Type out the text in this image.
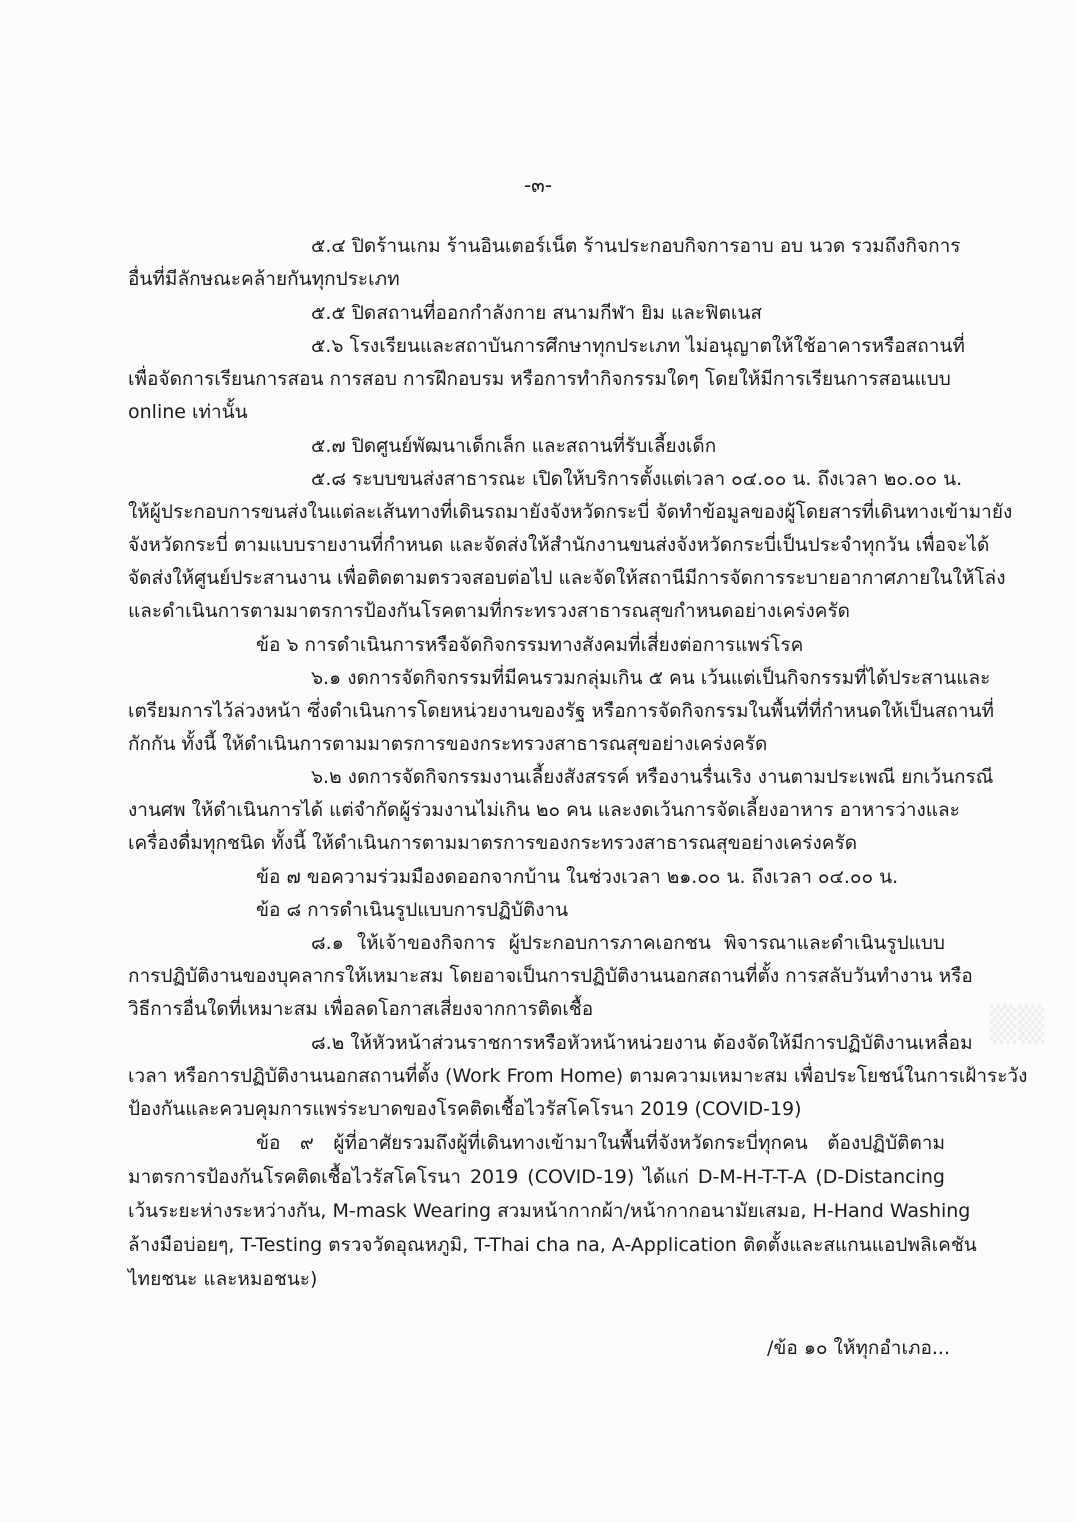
-๓-

๕.๔ ปิดร้านเกม ร้านอินเตอร์เน็ต ร้านประกอบกิจการอาบ อบ นวด รวมถึงกิจการ

อื่นที่มีลักษณะคล้ายกันทุกประเภท

๕.๕ ปิดสถานที่ออกกำลังกาย สนามกีฬา ยิม และฟิตเนส

๕.๖ โรงเรียนและสถาบันการศึกษาทุกประเภท ไม่อนุญาตให้ใช้อาคารหรือสถานที่

เพื่อจัดการเรียนการสอน การสอบ การฝึกอบรม หรือการทำกิจกรรมใดๆ โดยให้มีการเรียนการสอนแบบ

online เท่านั้น

๕.๗ ปิดศูนย์พัฒนาเด็กเล็ก และสถานที่รับเลี้ยงเด็ก

๕.๘ ระบบขนส่งสาธารณะ เปิดให้บริการตั้งแต่เวลา ๐๔.๐๐ น. ถึงเวลา ๒๐.๐๐ น.

ให้ผู้ประกอบการขนส่งในแต่ละเส้นทางที่เดินรถมายังจังหวัดกระบี่ จัดทำข้อมูลของผู้โดยสารที่เดินทางเข้ามายัง

จังหวัดกระบี่ ตามแบบรายงานที่กำหนด และจัดส่งให้สำนักงานขนส่งจังหวัดกระบี่เป็นประจำทุกวัน เพื่อจะได้

จัดส่งให้ศูนย์ประสานงาน เพื่อติดตามตรวจสอบต่อไป และจัดให้สถานีมีการจัดการระบายอากาศภายในให้โล่ง

และดำเนินการตามมาตรการป้องกันโรคตามที่กระทรวงสาธารณสุขกำหนดอย่างเคร่งครัด

ข้อ ๖ การดำเนินการหรือจัดกิจกรรมทางสังคมที่เสี่ยงต่อการแพร่โรค

๖.๑ งดการจัดกิจกรรมที่มีคนรวมกลุ่มเกิน ๕ คน เว้นแต่เป็นกิจกรรมที่ได้ประสานและ

เตรียมการไว้ล่วงหน้า ซึ่งดำเนินการโดยหน่วยงานของรัฐ หรือการจัดกิจกรรมในพื้นที่ที่กำหนดให้เป็นสถานที่

กักกัน ทั้งนี้ ให้ดำเนินการตามมาตรการของกระทรวงสาธารณสุขอย่างเคร่งครัด

๖.๒ งดการจัดกิจกรรมงานเลี้ยงสังสรรค์ หรืองานรื่นเริง งานตามประเพณี ยกเว้นกรณี

งานศพ ให้ดำเนินการได้ แต่จำกัดผู้ร่วมงานไม่เกิน ๒๐ คน และงดเว้นการจัดเลี้ยงอาหาร อาหารว่างและ

เครื่องดื่มทุกชนิด ทั้งนี้ ให้ดำเนินการตามมาตรการของกระทรวงสาธารณสุขอย่างเคร่งครัด

ข้อ ๗ ขอความร่วมมืองดออกจากบ้าน ในช่วงเวลา ๒๑.๐๐ น. ถึงเวลา ๐๔.๐๐ น.

ข้อ ๘ การดำเนินรูปแบบการปฏิบัติงาน

๘.๑ ให้เจ้าของกิจการ ผู้ประกอบการภาคเอกชน พิจารณาและดำเนินรูปแบบ

การปฏิบัติงานของบุคลากรให้เหมาะสม โดยอาจเป็นการปฏิบัติงานนอกสถานที่ตั้ง การสลับวันทำงาน หรือ

วิธีการอื่นใดที่เหมาะสม เพื่อลดโอกาสเสี่ยงจากการติดเชื้อ

๘.๒ ให้หัวหน้าส่วนราชการหรือหัวหน้าหน่วยงาน ต้องจัดให้มีการปฏิบัติงานเหลื่อม

เวลา หรือการปฏิบัติงานนอกสถานที่ตั้ง (Work From Home) ตามความเหมาะสม เพื่อประโยชน์ในการเฝ้าระวัง

ป้องกันและควบคุมการแพร่ระบาดของโรคติดเชื้อไวรัสโคโรนา 2019 (COVID-19)

ข้อ ๙ ผู้ที่อาศัยรวมถึงผู้ที่เดินทางเข้ามาในพื้นที่จังหวัดกระบี่ทุกคน ต้องปฏิบัติตาม

มาตรการป้องกันโรคติดเชื้อไวรัสโคโรนา 2019 (COVID-19) ได้แก่ D-M-H-T-T-A (D-Distancing

เว้นระยะห่างระหว่างกัน, M-mask Wearing สวมหน้ากากผ้า/หน้ากากอนามัยเสมอ, H-Hand Washing

ล้างมือบ่อยๆ, T-Testing ตรวจวัดอุณหภูมิ, T-Thai cha na, A-Application ติดตั้งและสแกนแอปพลิเคชัน

ไทยชนะ และหมอชนะ)

/ข้อ ๑๐ ให้ทุกอำเภอ...

▒▒
